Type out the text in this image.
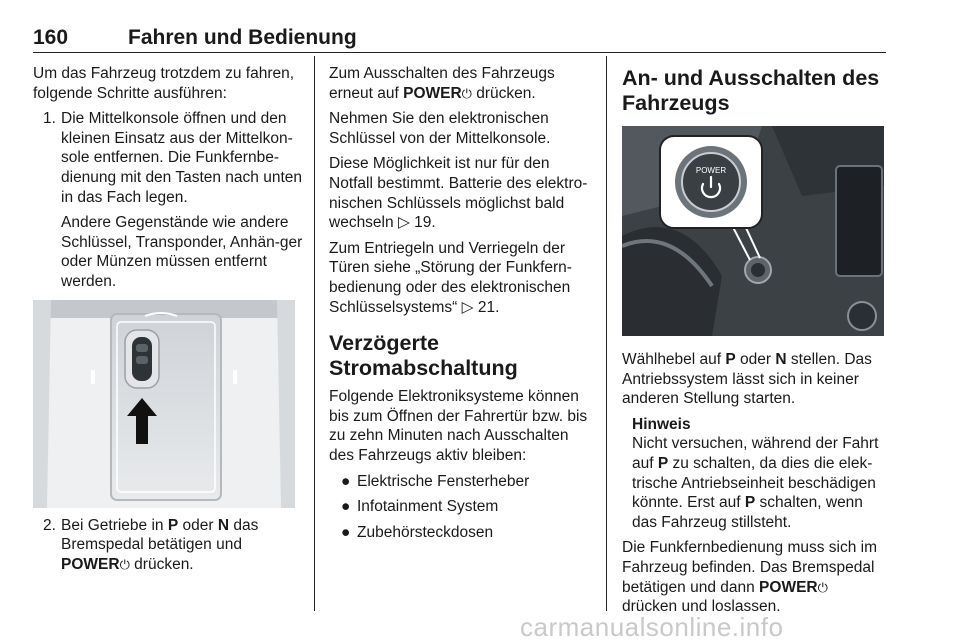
160	Fahren und Bedienung

Um das Fahrzeug trotzdem zu fahren, folgende Schritte ausführen:

1. Die Mittelkonsole öffnen und den kleinen Einsatz aus der Mittelkon-sole entfernen. Die Funkfernbe-dienung mit den Tasten nach unten in das Fach legen.

Andere Gegenstände wie andere Schlüssel, Transponder, Anhän-ger oder Münzen müssen entfernt werden.

2. Bei Getriebe in P oder N das Bremspedal betätigen und
POWER⏻ drücken.

Zum Ausschalten des Fahrzeugs erneut auf POWER⏻ drücken.

Nehmen Sie den elektronischen Schlüssel von der Mittelkonsole.

Diese Möglichkeit ist nur für den Notfall bestimmt. Batterie des elektro-nischen Schlüssels möglichst bald wechseln ▷ 19.

Zum Entriegeln und Verriegeln der Türen siehe „Störung der Funkfern-bedienung oder des elektronischen Schlüsselsystems“ ▷ 21.

Verzögerte Stromabschaltung

Folgende Elektroniksysteme können bis zum Öffnen der Fahrertür bzw. bis zu zehn Minuten nach Ausschalten des Fahrzeugs aktiv bleiben:

● Elektrische Fensterheber
● Infotainment System
● Zubehörsteckdosen
An- und Ausschalten des Fahrzeugs
POWER

Wählhebel auf P oder N stellen. Das Antriebssystem lässt sich in keiner anderen Stellung starten.

Hinweis
Nicht versuchen, während der Fahrt auf P zu schalten, da dies die elek-trische Antriebseinheit beschädigen könnte. Erst auf P schalten, wenn das Fahrzeug stillsteht.

Die Funkfernbedienung muss sich im Fahrzeug befinden. Das Bremspedal betätigen und dann POWER⏻
drücken und loslassen.

carmanualsonline.info
